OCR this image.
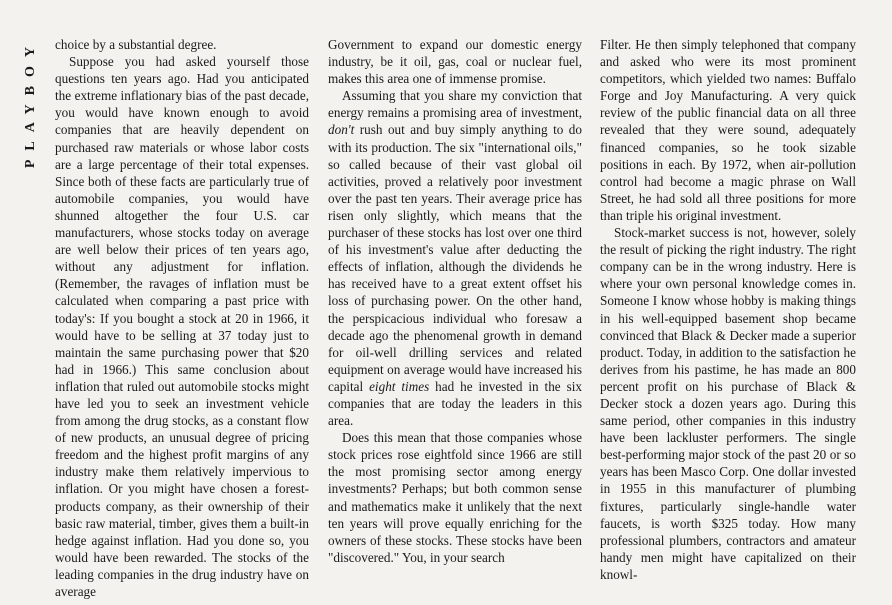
PLAYBOY	choice by a substantial degree.

Suppose you had asked yourself those questions ten years ago. Had you anticipated the extreme inflationary bias of the past decade, you would have known enough to avoid companies that are heavily dependent on purchased raw materials or whose labor costs are a large percentage of their total expenses. Since both of these facts are particularly true of automobile companies, you would have shunned altogether the four U.S. car manufacturers, whose stocks today on average are well below their prices of ten years ago, without any adjustment for inflation. (Remember, the ravages of inflation must be calculated when comparing a past price with today's: If you bought a stock at 20 in 1966, it would have to be selling at 37 today just to maintain the same purchasing power that $20 had in 1966.) This same conclusion about inflation that ruled out automobile stocks might have led you to seek an investment vehicle from among the drug stocks, as a constant flow of new products, an unusual degree of pricing freedom and the highest profit margins of any industry make them relatively impervious to inflation. Or you might have chosen a forest-products company, as their ownership of their basic raw material, timber, gives them a built-in hedge against inflation. Had you done so, you would have been rewarded. The stocks of the leading companies in the drug industry have on average

Government to expand our domestic energy industry, be it oil, gas, coal or nuclear fuel, makes this area one of immense promise.

Assuming that you share my conviction that energy remains a promising area of investment, don't rush out and buy simply anything to do with its production. The six "international oils," so called because of their vast global oil activities, proved a relatively poor investment over the past ten years. Their average price has risen only slightly, which means that the purchaser of these stocks has lost over one third of his investment's value after deducting the effects of inflation, although the dividends he has received have to a great extent offset his loss of purchasing power. On the other hand, the perspicacious individual who foresaw a decade ago the phenomenal growth in demand for oil-well drilling services and related equipment on average would have increased his capital eight times had he invested in the six companies that are today the leaders in this area.

Does this mean that those companies whose stock prices rose eightfold since 1966 are still the most promising sector among energy investments? Perhaps; but both common sense and mathematics make it unlikely that the next ten years will prove equally enriching for the owners of these stocks. These stocks have been "discovered." You, in your search

Filter. He then simply telephoned that company and asked who were its most prominent competitors, which yielded two names: Buffalo Forge and Joy Manufacturing. A very quick review of the public financial data on all three revealed that they were sound, adequately financed companies, so he took sizable positions in each. By 1972, when air-pollution control had become a magic phrase on Wall Street, he had sold all three positions for more than triple his original investment.

Stock-market success is not, however, solely the result of picking the right industry. The right company can be in the wrong industry. Here is where your own personal knowledge comes in. Someone I know whose hobby is making things in his well-equipped basement shop became convinced that Black & Decker made a superior product. Today, in addition to the satisfaction he derives from his pastime, he has made an 800 percent profit on his purchase of Black & Decker stock a dozen years ago. During this same period, other companies in this industry have been lackluster performers. The single best-performing major stock of the past 20 or so years has been Masco Corp. One dollar invested in 1955 in this manufacturer of plumbing fixtures, particularly single-handle water faucets, is worth $325 today. How many professional plumbers, contractors and amateur handy men might have capitalized on their knowl-
